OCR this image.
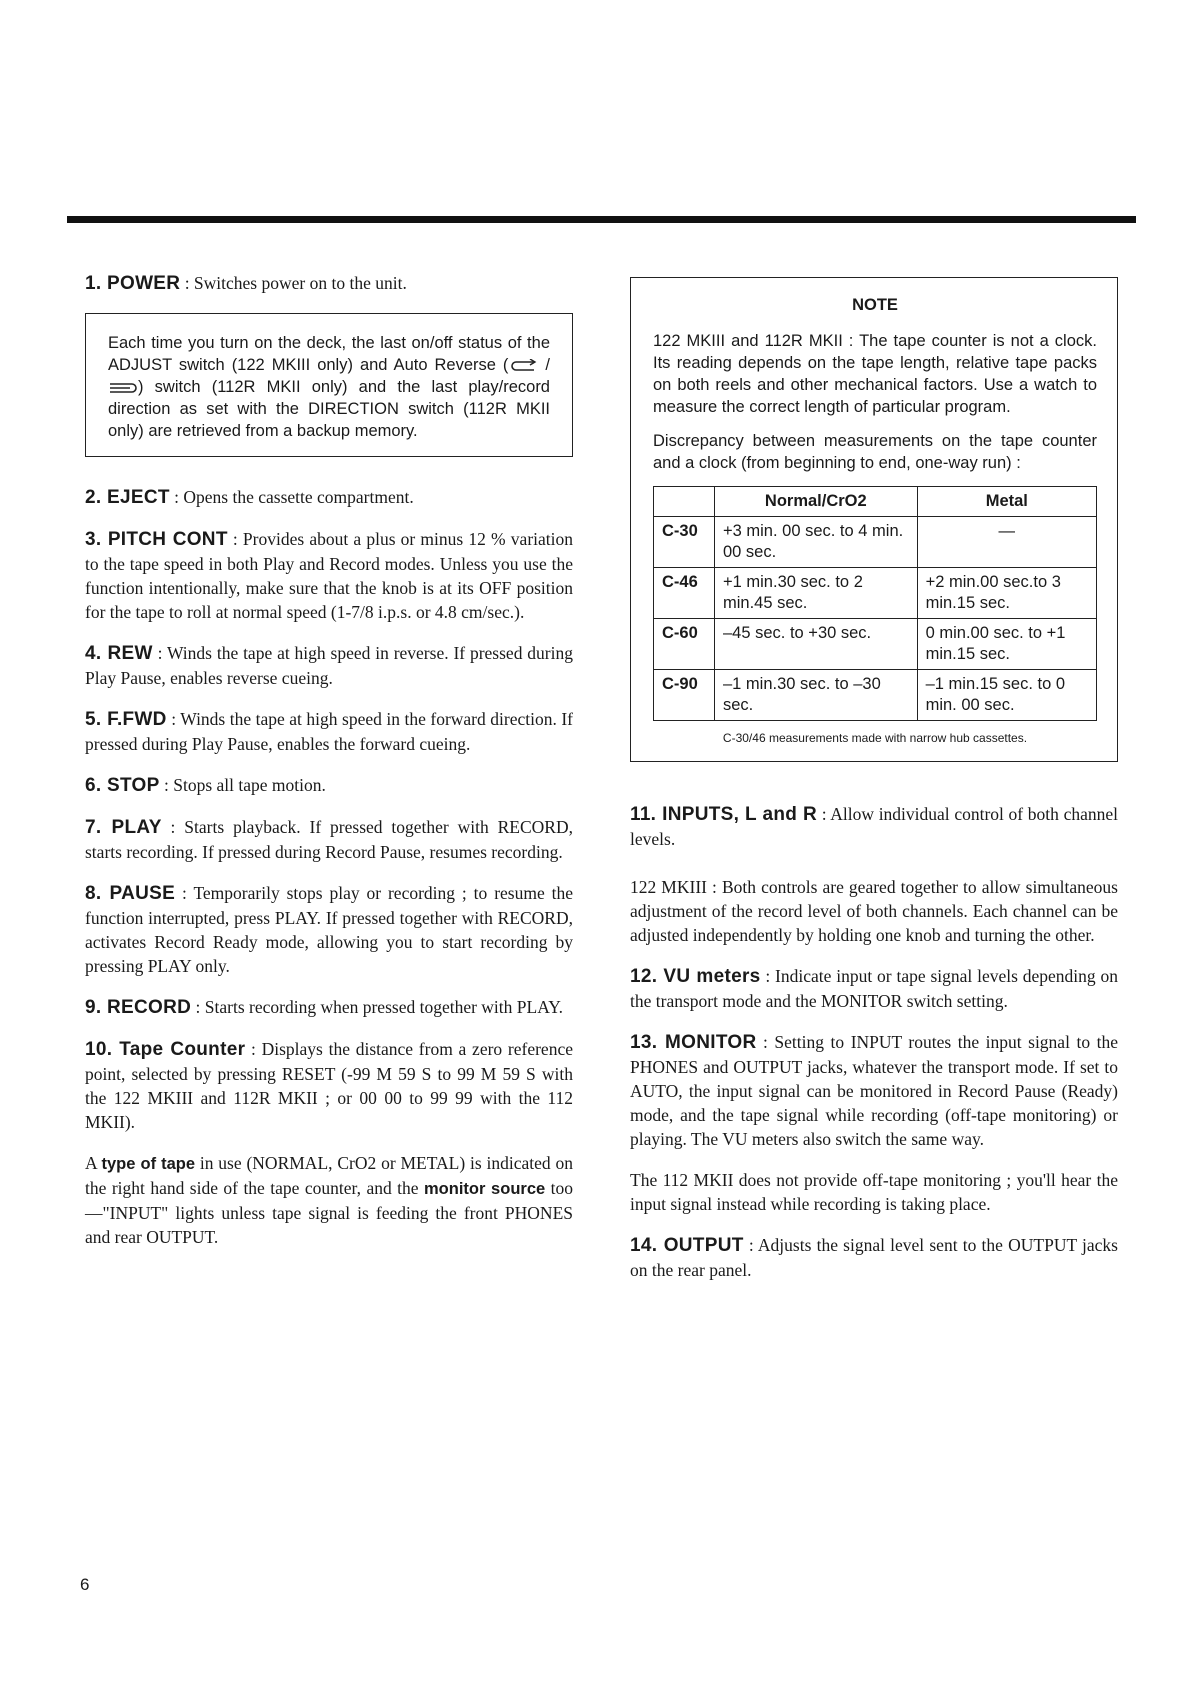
1. POWER : Switches power on to the unit.

Each time you turn on the deck, the last on/off status of the ADJUST switch (122 MKIII only) and Auto Reverse ( / ) switch (112R MKII only) and the last play/record direction as set with the DIRECTION switch (112R MKII only) are retrieved from a backup memory.

2. EJECT : Opens the cassette compartment.

3. PITCH CONT : Provides about a plus or minus 12 % variation to the tape speed in both Play and Record modes. Unless you use the function intentionally, make sure that the knob is at its OFF position for the tape to roll at normal speed (1-7/8 i.p.s. or 4.8 cm/sec.).

4. REW : Winds the tape at high speed in reverse. If pressed during Play Pause, enables reverse cueing.

5. F.FWD : Winds the tape at high speed in the forward direction. If pressed during Play Pause, enables the forward cueing.

6. STOP : Stops all tape motion.

7. PLAY : Starts playback. If pressed together with RECORD, starts recording. If pressed during Record Pause, resumes recording.

8. PAUSE : Temporarily stops play or recording ; to resume the function interrupted, press PLAY. If pressed together with RECORD, activates Record Ready mode, allowing you to start recording by pressing PLAY only.

9. RECORD : Starts recording when pressed together with PLAY.

10. Tape Counter : Displays the distance from a zero reference point, selected by pressing RESET (-99 M 59 S to 99 M 59 S with the 122 MKIII and 112R MKII ; or 00 00 to 99 99 with the 112 MKII).

A type of tape in use (NORMAL, CrO2 or METAL) is indicated on the right hand side of the tape counter, and the monitor source too—"INPUT" lights unless tape signal is feeding the front PHONES and rear OUTPUT.

NOTE

122 MKIII and 112R MKII : The tape counter is not a clock. Its reading depends on the tape length, relative tape packs on both reels and other mechanical factors. Use a watch to measure the correct length of particular program.

Discrepancy between measurements on the tape counter and a clock (from beginning to end, one-way run) :

	Normal/CrO2	Metal
C-30	+3 min. 00 sec. to 4 min. 00 sec.	—
C-46	+1 min.30 sec. to 2 min.45 sec.	+2 min.00 sec.to 3 min.15 sec.
C-60	–45 sec. to +30 sec.	0 min.00 sec. to +1 min.15 sec.
C-90	–1 min.30 sec. to –30 sec.	–1 min.15 sec. to 0 min. 00 sec.
C-30/46 measurements made with narrow hub cassettes.

11. INPUTS, L and R : Allow individual control of both channel levels.

122 MKIII : Both controls are geared together to allow simultaneous adjustment of the record level of both channels. Each channel can be adjusted independently by holding one knob and turning the other.

12. VU meters : Indicate input or tape signal levels depending on the transport mode and the MONITOR switch setting.

13. MONITOR : Setting to INPUT routes the input signal to the PHONES and OUTPUT jacks, whatever the transport mode. If set to AUTO, the input signal can be monitored in Record Pause (Ready) mode, and the tape signal while recording (off-tape monitoring) or playing. The VU meters also switch the same way.

The 112 MKII does not provide off-tape monitoring ; you'll hear the input signal instead while recording is taking place.

14. OUTPUT : Adjusts the signal level sent to the OUTPUT jacks on the rear panel.

6
